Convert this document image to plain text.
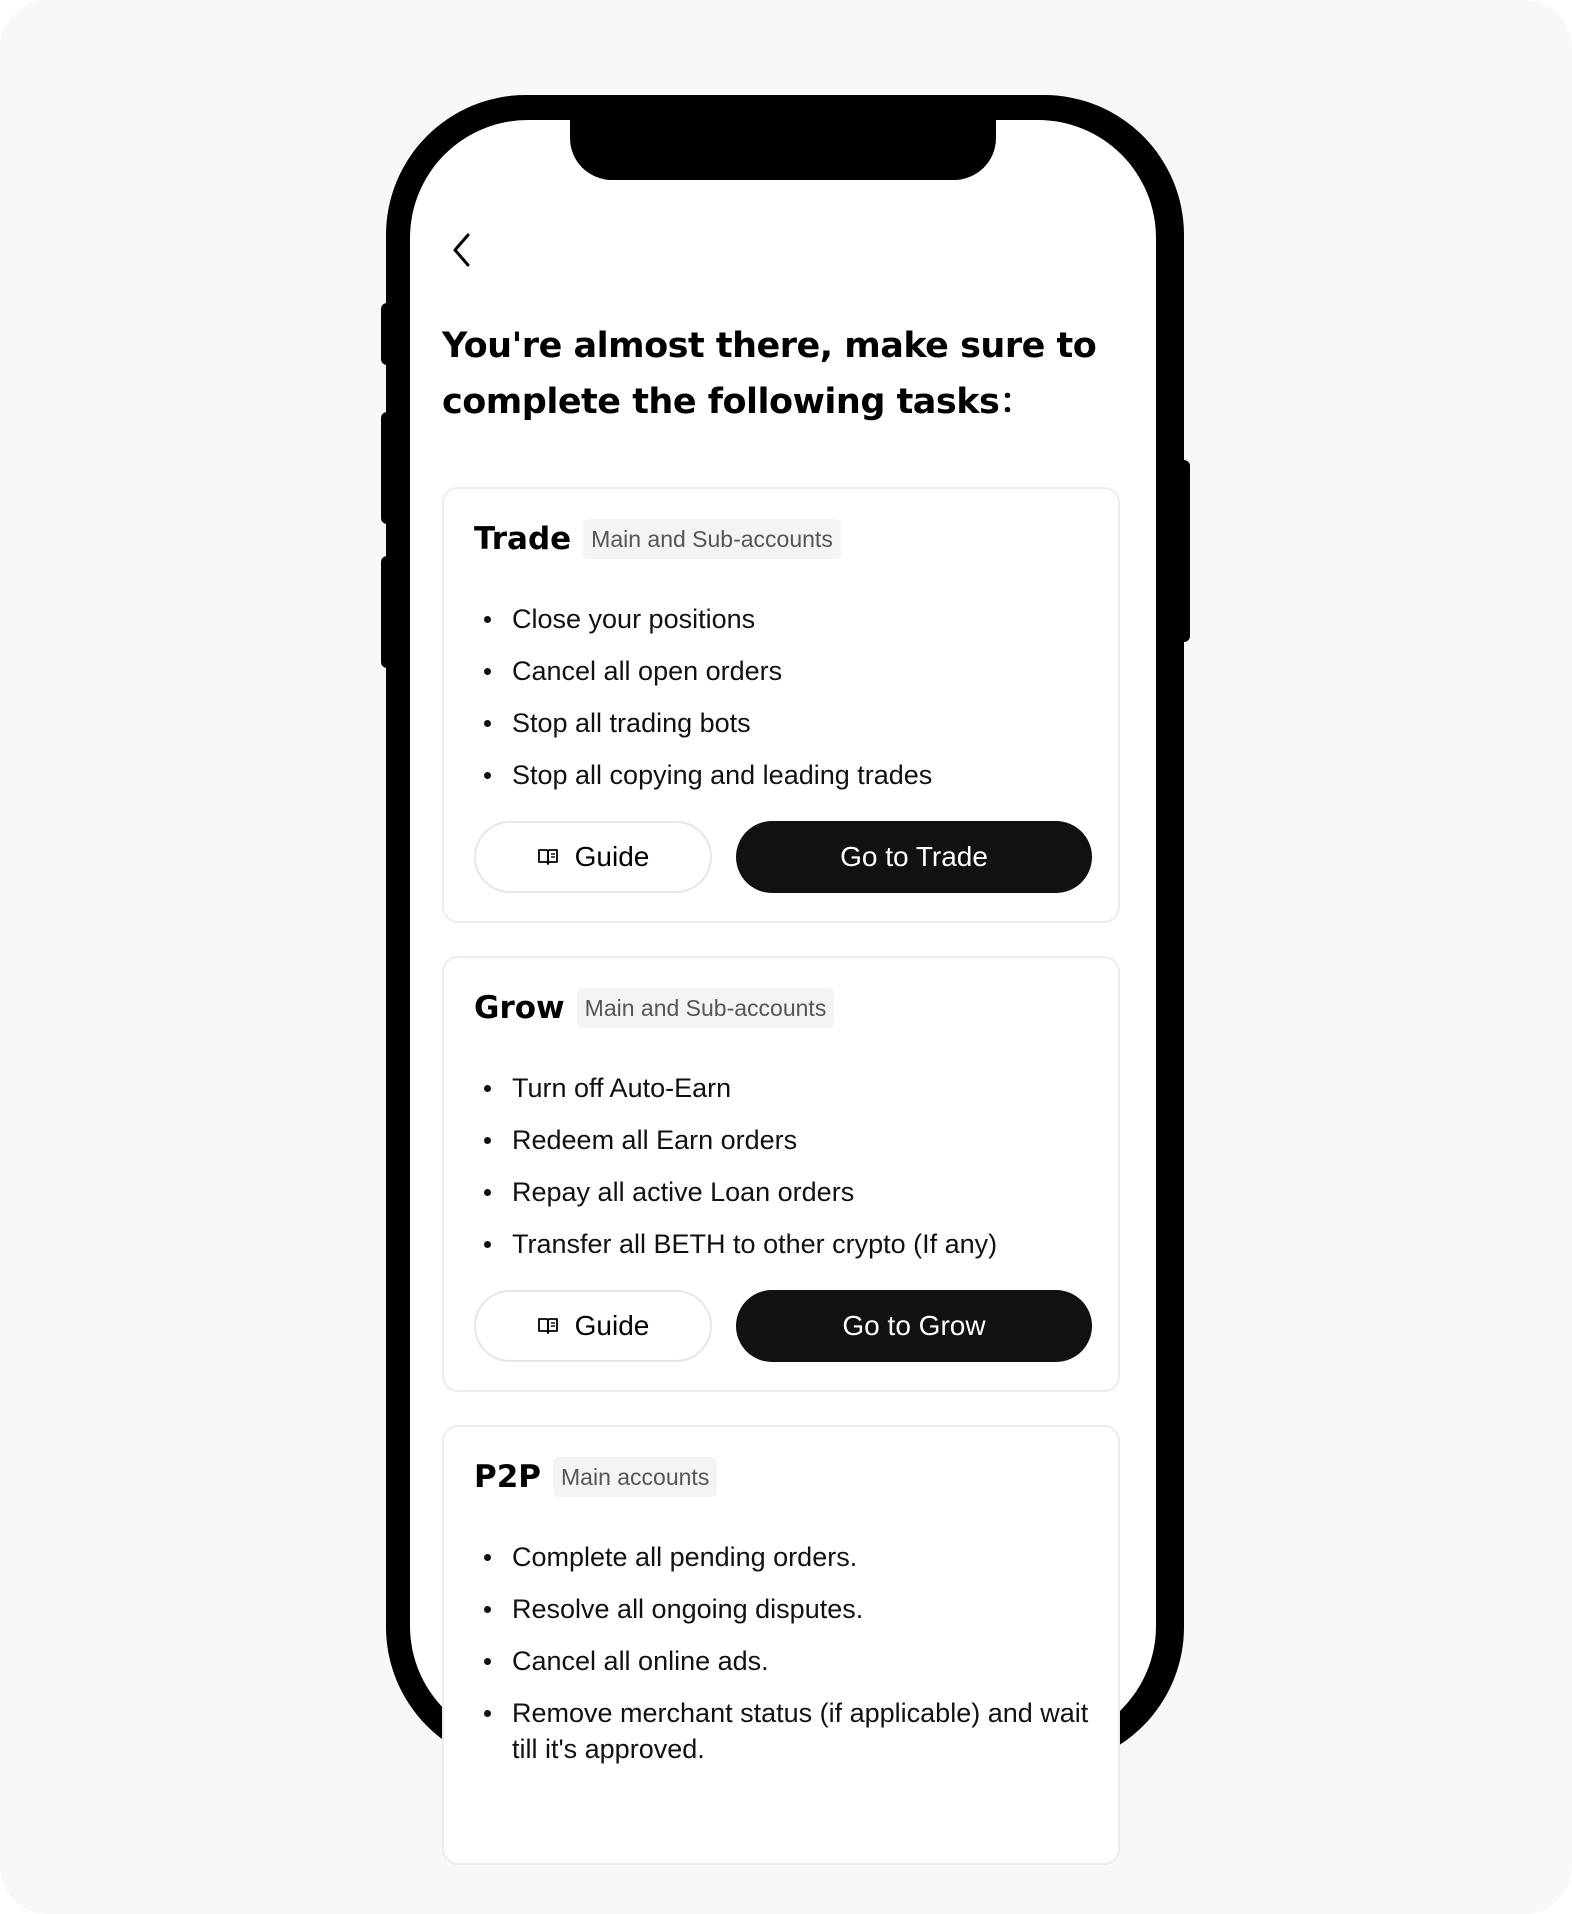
You're almost there, make sure to complete the following tasks：
Trade Main and Sub-accounts
Close your positions
Cancel all open orders
Stop all trading bots
Stop all copying and leading trades
Guide	Go to Trade
Grow Main and Sub-accounts
Turn off Auto-Earn
Redeem all Earn orders
Repay all active Loan orders
Transfer all BETH to other crypto (If any)
Guide	Go to Grow
P2P Main accounts
Complete all pending orders.
Resolve all ongoing disputes.
Cancel all online ads.
Remove merchant status (if applicable) and wait till it's approved.
